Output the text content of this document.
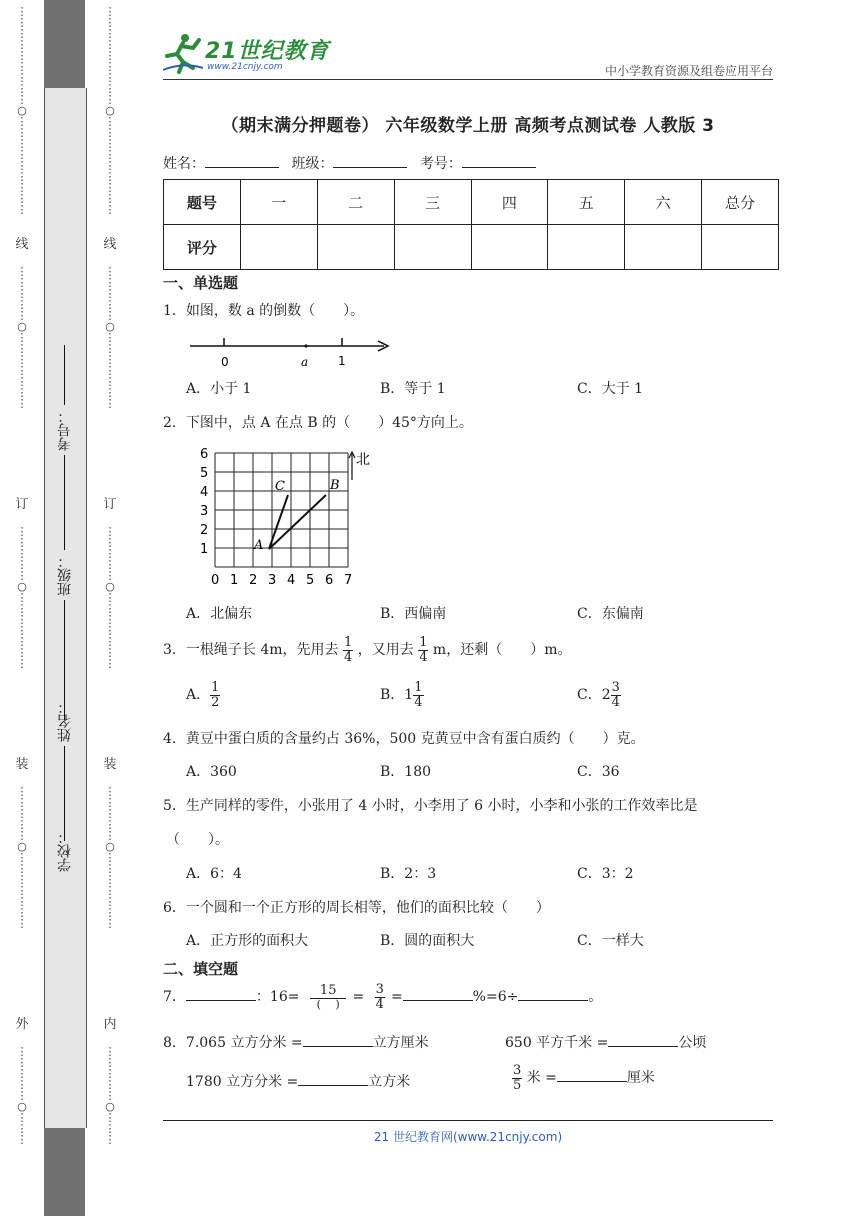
⋮
⋮
⋮
⋮
⋮
⋮
⋮
⋮
⋮
○
⋮
⋮
⋮
⋮
⋮
⋮
⋮
⋮
⋮
线
⋮
⋮
⋮
⋮
⋮
○
⋮
⋮
⋮
⋮
⋮
⋮
⋮
订
⋮
⋮
⋮
⋮
⋮
○
⋮
⋮
⋮
⋮
⋮
⋮
⋮
装
⋮
⋮
⋮
⋮
⋮
○
⋮
⋮
⋮
⋮
⋮
⋮
⋮
外
⋮
⋮
⋮
⋮
⋮
○
⋮
⋮
⋮
考号：
班级：
姓名：
学校：
⋮
⋮
⋮
⋮
⋮
⋮
⋮
⋮
⋮
○
⋮
⋮
⋮
⋮
⋮
⋮
⋮
⋮
⋮
线
⋮
⋮
⋮
⋮
⋮
○
⋮
⋮
⋮
⋮
⋮
⋮
⋮
订
⋮
⋮
⋮
⋮
⋮
○
⋮
⋮
⋮
⋮
⋮
⋮
⋮
装
⋮
⋮
⋮
⋮
⋮
○
⋮
⋮
⋮
⋮
⋮
⋮
⋮
内
⋮
⋮
⋮
⋮
⋮
○
⋮
⋮
⋮
21世纪教育
www.21cnjy.com	中小学教育资源及组卷应用平台
（期末满分押题卷） 六年级数学上册 高频考点测试卷 人教版 3
姓名：	班级：	考号：
题号	一	二	三	四	五	六	总分
评分							
一、单选题
1．如图，数 a 的倒数（　　）。
0	a 1
A．小于 1	B．等于 1	C．大于 1
2．下图中，点 A 在点 B 的（　　）45°方向上。
北
A
C	B
0 1 2 3 4 5 6 7
1
2
3
4
5
6
A．北偏东	B．西偏南	C．东偏南
3．一根绳子长 4m，先用去 $\frac{1}{4}$ ，又用去 $\frac{1}{4}$ m，还剩（　　）m。
A． $\frac{1}{2}$	B．$1 \frac{1}{4}$	C．$2 \frac{3}{4}$
4．黄豆中蛋白质的含量约占 36%，500 克黄豆中含有蛋白质约（　　）克。
A．360	B．180	C．36
5．生产同样的零件，小张用了 4 小时，小李用了 6 小时，小李和小张的工作效率比是
（　　）。
A．6：4	B．2：3	C．3：2
6．一个圆和一个正方形的周长相等，他们的面积比较（　　）
A．正方形的面积大	B．圆的面积大	C．一样大
二、填空题
7．	：$16= \frac{15}{( )} = \frac{3}{4}$ =	%=6÷	。
8．7.065 立方分米 =	立方厘米	650 平方千米 =	公顷
1780 立方分米 =	立方米	$\frac{3}{5}$ 米 =	厘米
21 世纪教育网(www.21cnjy.com)
